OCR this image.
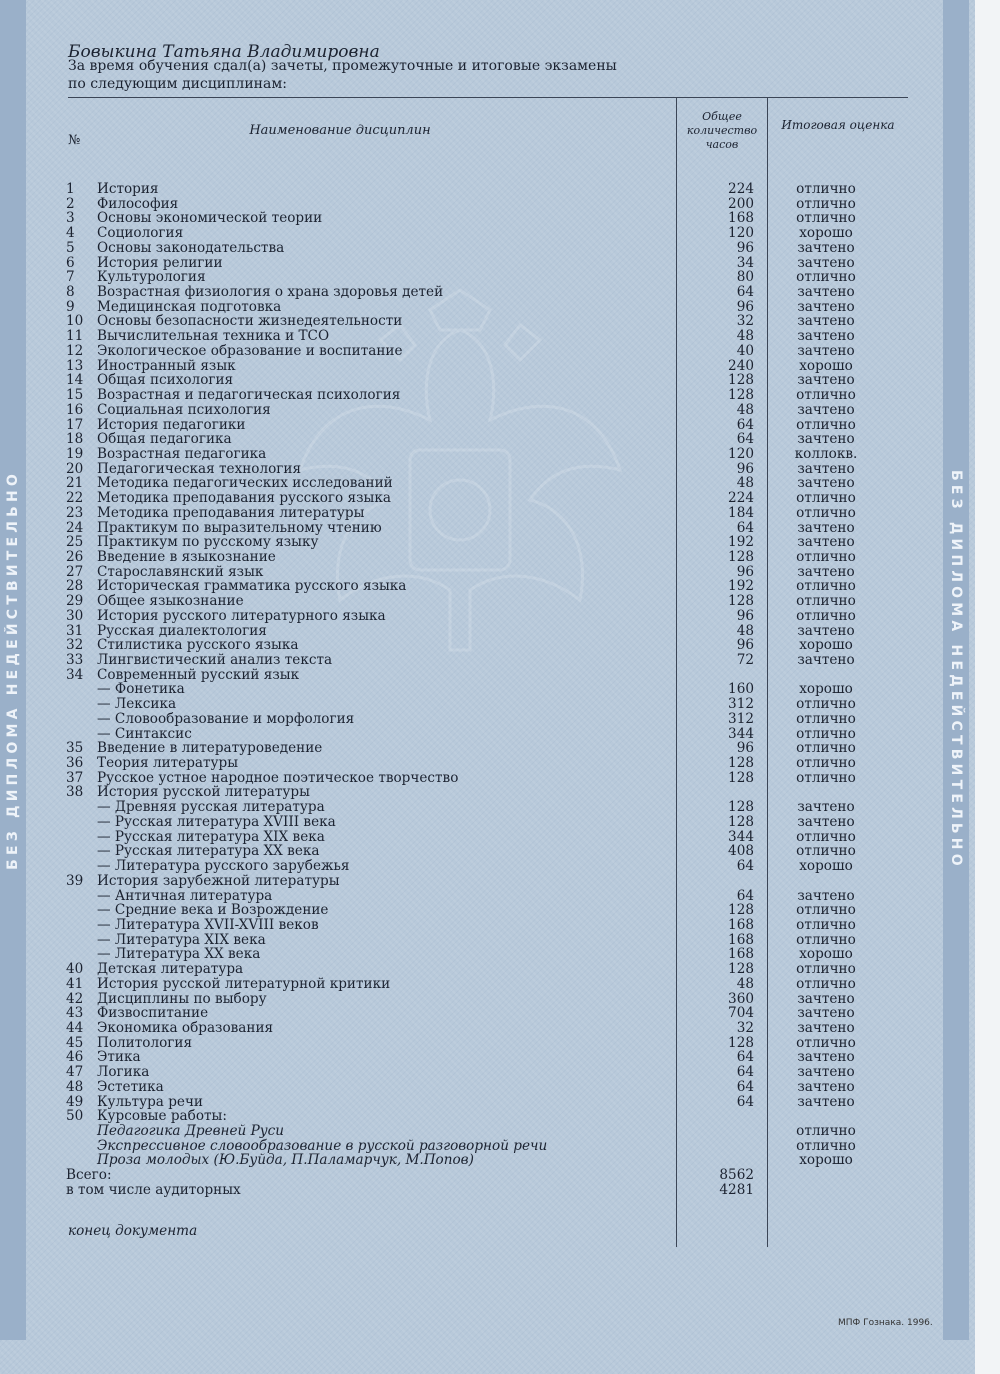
БЕЗ ДИПЛОМА НЕДЕЙСТВИТЕЛЬНО	БЕЗ ДИПЛОМА НЕДЕЙСТВИТЕЛЬНО
Бовыкина Татьяна Владимировна
За время обучения сдал(а) зачеты, промежуточные и итоговые экзамены
по следующим дисциплинам:
№
Наименование дисциплин
Общее количество часов
Итоговая оценка
1 История	224	отлично
2 Философия	200	отлично
3 Основы экономической теории	168	отлично
4 Социология	120	хорошо
5 Основы законодательства	96	зачтено
6 История религии	34	зачтено
7 Культурология	80	отлично
8 Возрастная физиология о храна здоровья детей	64	зачтено
9 Медицинская подготовка	96	зачтено
10 Основы безопасности жизнедеятельности	32	зачтено
11 Вычислительная техника и ТСО	48	зачтено
12 Экологическое образование и воспитание	40	зачтено
13 Иностранный язык	240	хорошо
14 Общая психология	128	зачтено
15 Возрастная и педагогическая психология	128	отлично
16 Социальная психология	48	зачтено
17 История педагогики	64	отлично
18 Общая педагогика	64	зачтено
19 Возрастная педагогика	120	коллокв.
20 Педагогическая технология	96	зачтено
21 Методика педагогических исследований	48	зачтено
22 Методика преподавания русского языка	224	отлично
23 Методика преподавания литературы	184	отлично
24 Практикум по выразительному чтению	64	зачтено
25 Практикум по русскому языку	192	зачтено
26 Введение в языкознание	128	отлично
27 Старославянский язык	96	зачтено
28 Историческая грамматика русского языка	192	отлично
29 Общее языкознание	128	отлично
30 История русского литературного языка	96	отлично
31 Русская диалектология	48	зачтено
32 Стилистика русского языка	96	хорошо
33 Лингвистический анализ текста	72	зачтено
34 Современный русский язык
— Фонетика	160	хорошо
— Лексика	312	отлично
— Словообразование и морфология	312	отлично
— Синтаксис	344	отлично
35 Введение в литературоведение	96	отлично
36 Теория литературы	128	отлично
37 Русское устное народное поэтическое творчество	128	отлично
38 История русской литературы
— Древняя русская литература	128	зачтено
— Русская литература XVIII века	128	зачтено
— Русская литература XIX века	344	отлично
— Русская литература XX века	408	отлично
— Литература русского зарубежья	64	хорошо
39 История зарубежной литературы
— Античная литература	64	зачтено
— Средние века и Возрождение	128	отлично
— Литература XVII-XVIII веков	168	отлично
— Литература XIX века	168	отлично
— Литература XX века	168	хорошо
40 Детская литература	128	отлично
41 История русской литературной критики	48	отлично
42 Дисциплины по выбору	360	зачтено
43 Физвоспитание	704	зачтено
44 Экономика образования	32	зачтено
45 Политология	128	отлично
46 Этика	64	зачтено
47 Логика	64	зачтено
48 Эстетика	64	зачтено
49 Культура речи	64	зачтено
50 Курсовые работы:
Педагогика Древней Руси	отлично
Экспрессивное словообразование в русской разговорной речи	отлично
Проза молодых (Ю.Буйда, П.Паламарчук, М.Попов)	хорошо
Всего:	8562
в том числе аудиторных	4281
конец документа
МПФ Гознака. 1996.
